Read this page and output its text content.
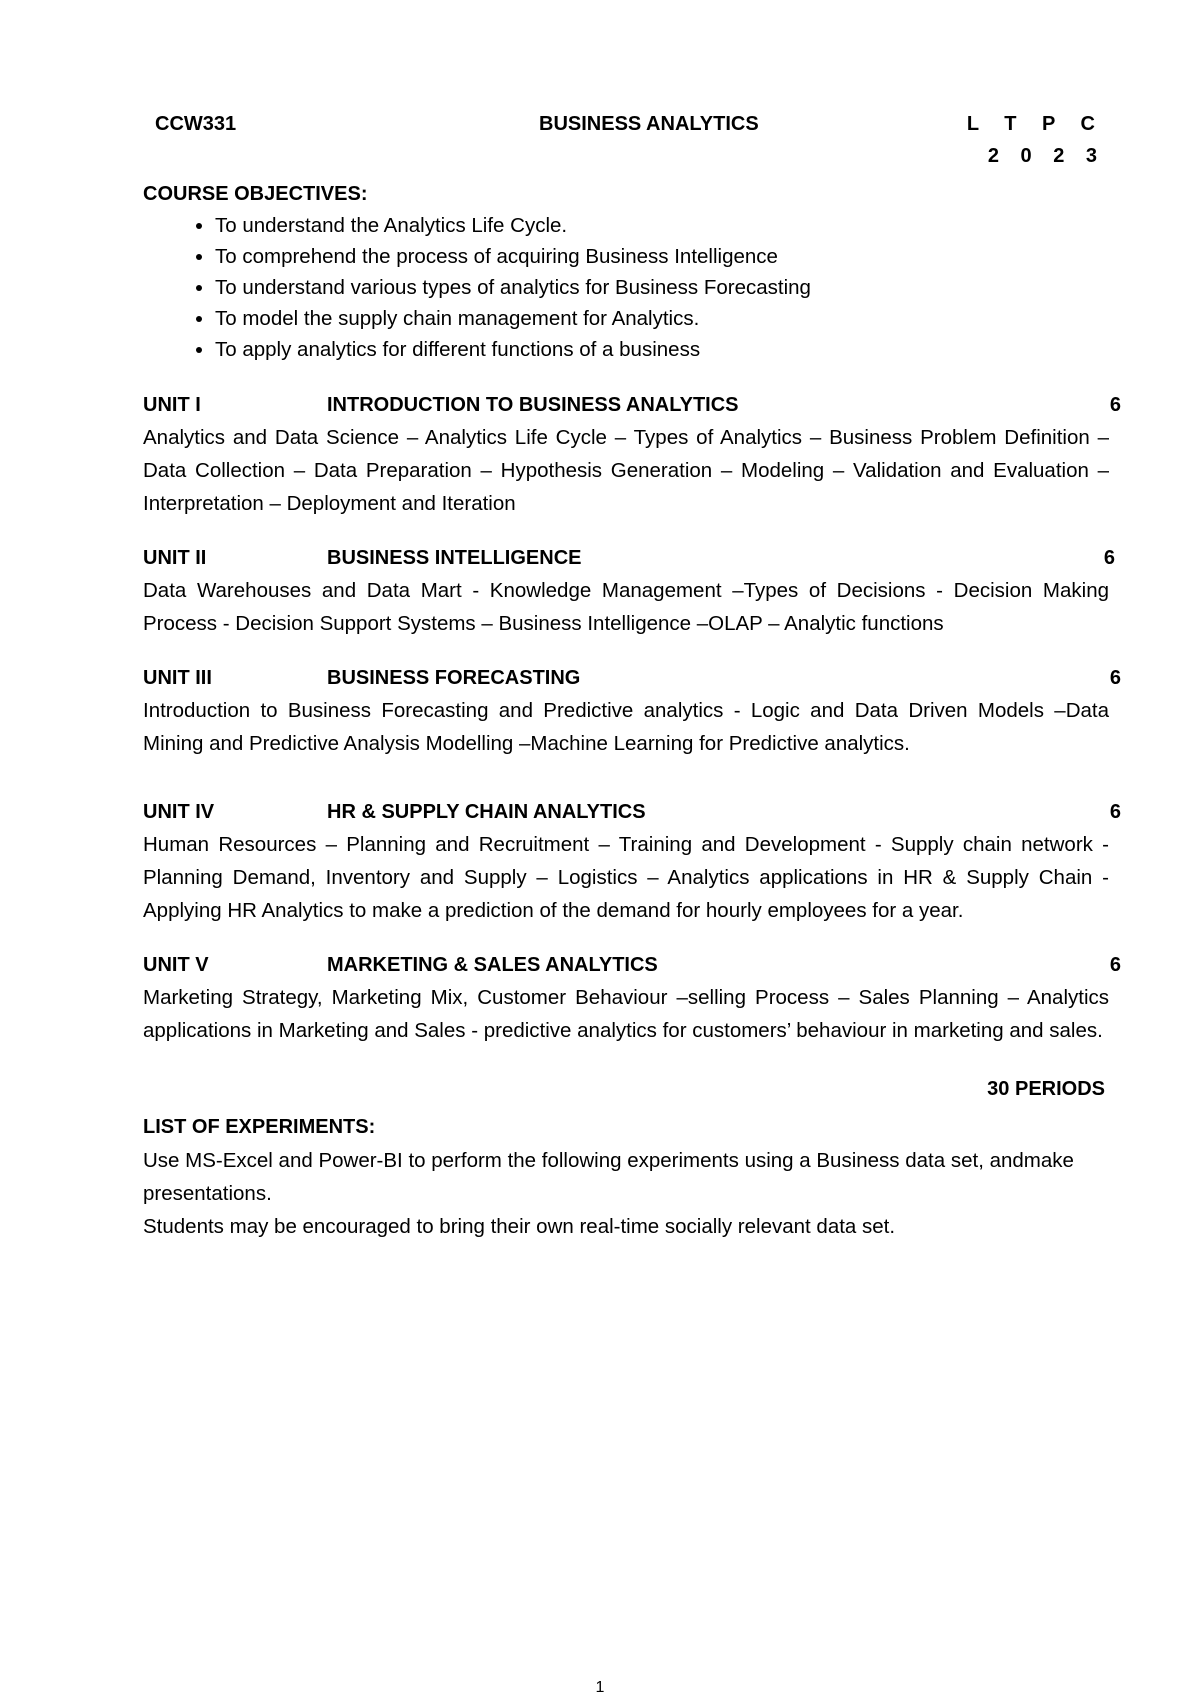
CCW331	BUSINESS ANALYTICS	L T P C
2 0 2 3

COURSE OBJECTIVES:

• To understand the Analytics Life Cycle.
• To comprehend the process of acquiring Business Intelligence
• To understand various types of analytics for Business Forecasting
• To model the supply chain management for Analytics.
• To apply analytics for different functions of a business
UNIT I	INTRODUCTION TO BUSINESS ANALYTICS	6

Analytics and Data Science – Analytics Life Cycle – Types of Analytics – Business Problem Definition – Data Collection – Data Preparation – Hypothesis Generation – Modeling – Validation and Evaluation – Interpretation – Deployment and Iteration

UNIT II	BUSINESS INTELLIGENCE	6

Data Warehouses and Data Mart - Knowledge Management –Types of Decisions - Decision Making Process - Decision Support Systems – Business Intelligence –OLAP – Analytic functions

UNIT III	BUSINESS FORECASTING	6

Introduction to Business Forecasting and Predictive analytics - Logic and Data Driven Models –Data Mining and Predictive Analysis Modelling –Machine Learning for Predictive analytics.

UNIT IV	HR & SUPPLY CHAIN ANALYTICS	6

Human Resources – Planning and Recruitment – Training and Development - Supply chain network - Planning Demand, Inventory and Supply – Logistics – Analytics applications in HR & Supply Chain - Applying HR Analytics to make a prediction of the demand for hourly employees for a year.

UNIT V	MARKETING & SALES ANALYTICS	6

Marketing Strategy, Marketing Mix, Customer Behaviour –selling Process – Sales Planning – Analytics applications in Marketing and Sales - predictive analytics for customers’ behaviour in marketing and sales.

30 PERIODS

LIST OF EXPERIMENTS:

Use MS-Excel and Power-BI to perform the following experiments using a Business data set, andmake presentations.

Students may be encouraged to bring their own real-time socially relevant data set.

1
